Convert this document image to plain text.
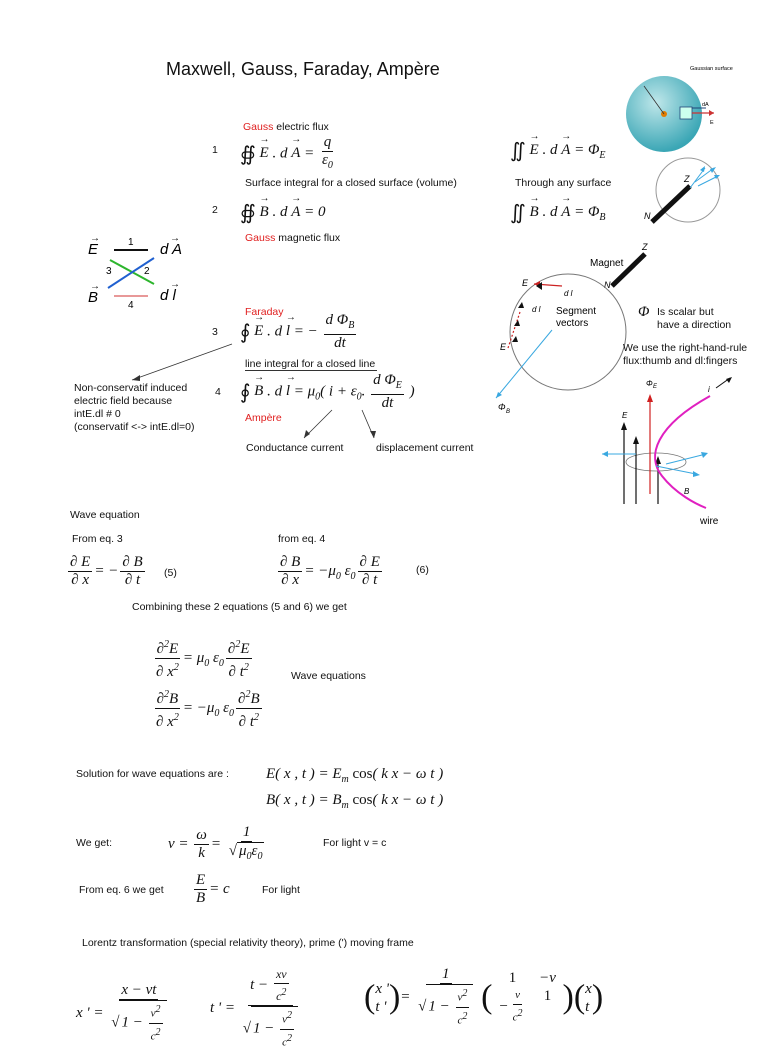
Maxwell, Gauss, Faraday, Ampère	Gaussian surface
dA
E
Gauss electric flux
1 ∯ → E . $d \to A = \frac{q}{\varepsilon_0}$
Surface integral for a closed surface (volume)
∬ → E . $d \to A = \Phi_E$
Through any surface
2 ∯ → B . d → A = 0
Gauss magnetic flux
∬ → B . $d \to A = \Phi_B$
E
→
B
→
d A
→
d l
→
1
2
3
4
Z
N
Magnet
Z
N
Segment vectors
Φ B
E
d l
d l
E
Φ Is scalar but
have a direction
We use the right-hand-rule
flux:thumb and dl:fingers
Faraday
3 ∮ → E . d → l = − $\frac{d \Phi_B}{dt}$
line integral for a closed line
4 ∮ → B . $d \to l = \mu_0$( $i + \varepsilon_0$. $\frac{d \Phi_E}{dt}$ )
Ampère
Non-conservatif induced
electric field because
intE.dl # 0
(conservatif <-> intE.dl=0)
Conductance current	displacement current
Φ E
E
i
B
wire
Wave equation
From eq. 3	from eq. 4
$\frac{\partial E}{\partial x}$ = − $\frac{\partial B}{\partial t} (5)$	$\frac{\partial B}{\partial x} = -\mu_0$ $\varepsilon_0 \frac{\partial E}{\partial t}$	(6)
Combining these 2 equations (5 and 6) we get
$\frac{\partial^2E}{\partial x^2} = \mu_0$ $\varepsilon_0 \frac{\partial^2E}{\partial t^2}$	Wave equations
$\frac{\partial^2B}{\partial x^2} = -\mu_0$ $\varepsilon_0 \frac{\partial^2B}{\partial t^2}$
Solution for wave equations are : E( x , t ) = $E_m$ cos( k x − ω t )
B( x , t ) = $B_m$ cos( k x − ω t )
We get:	$v = \frac{\omega}{k} = \frac{1}{√ \mu_0\varepsilon_0}$	For light v = c
From eq. 6 we get $\frac{E}{B} = c$	For light
Lorentz transformation (special relativity theory), prime (') moving frame
x ' = $\frac{x - vt}{√ 1 - \frac{v^2}{c^2}}$	t ' = $\frac{t - \frac{xv}{c^2}}{√ 1 - \frac{v^2}{c^2}}$ ( x '
t ' )= $\frac{1}{√ 1 - \frac{v^2}{c^2}}$ (
1	−v
− $\frac{v}{c^2}$	1 )( x
t )
